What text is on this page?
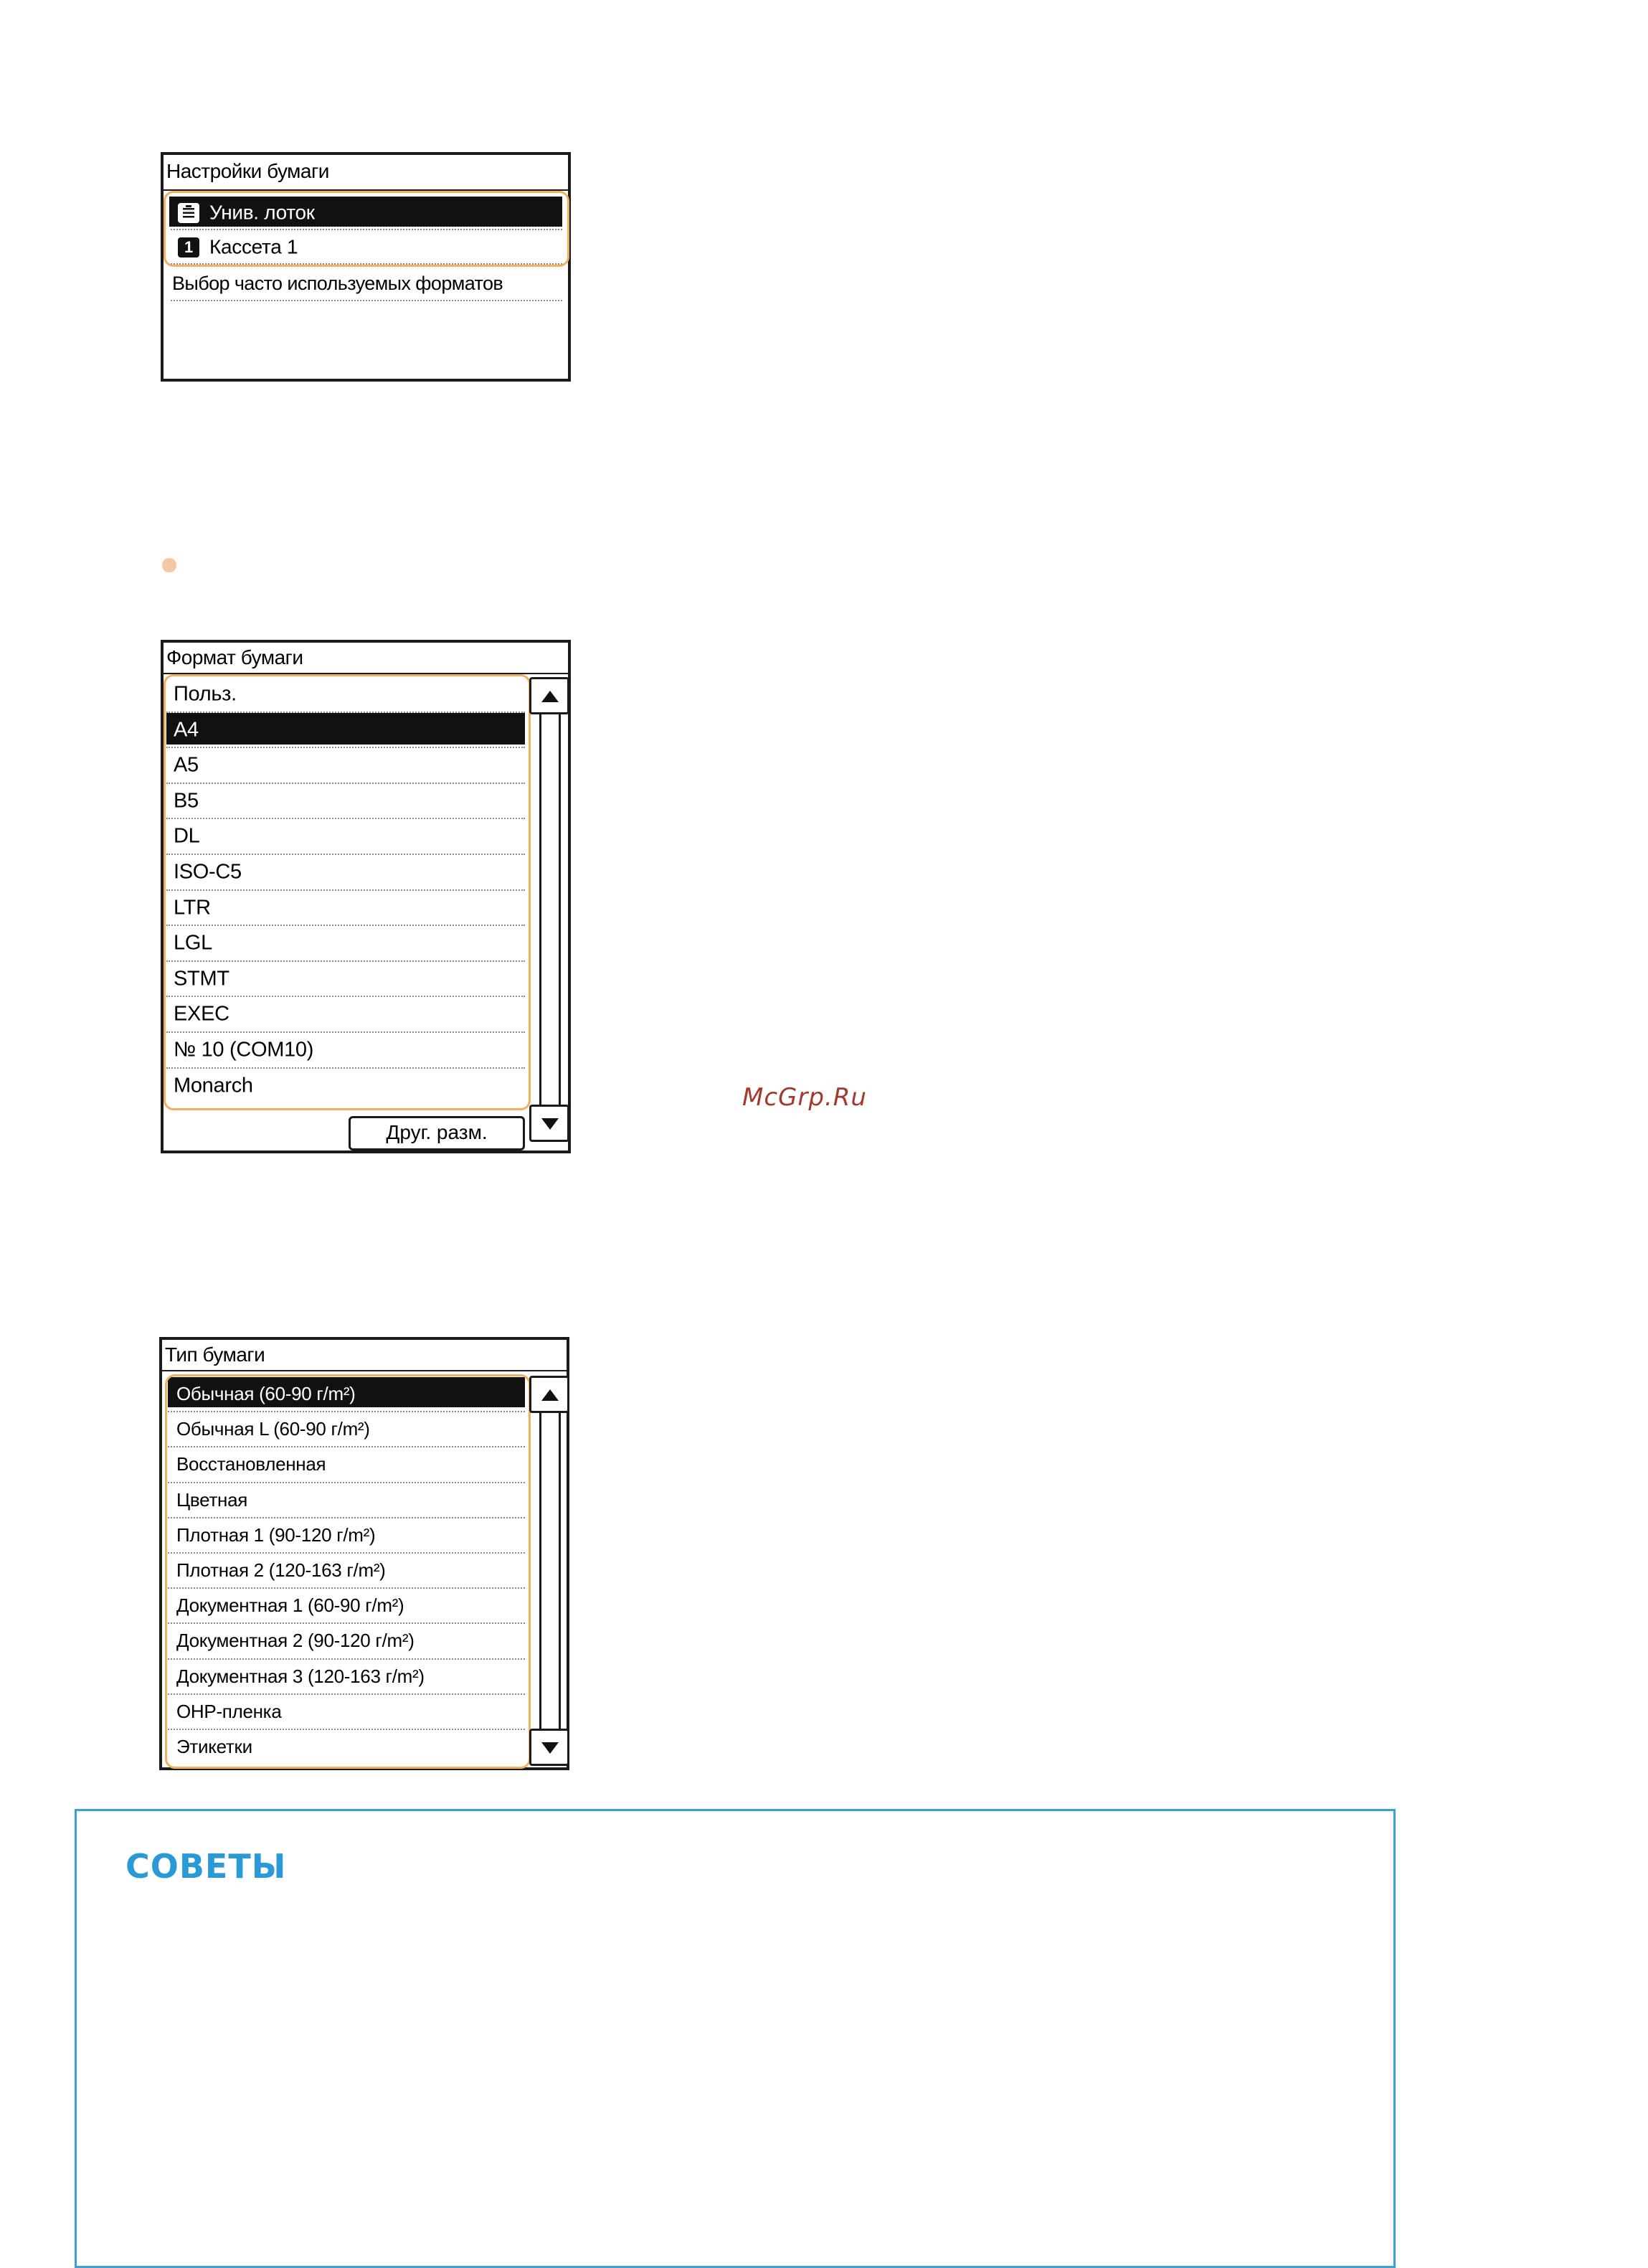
Настройки бумаги
Унив. лоток
1 Кассета 1
Выбор часто используемых форматов
Формат бумаги
Польз.
A4
A5
B5
DL
ISO-C5
LTR
LGL
STMT
EXEC
№ 10 (COM10)
Monarch
Друг. разм.
McGrp.Ru
Тип бумаги
Обычная (60-90 г/m²)
Обычная L (60-90 г/m²)
Восстановленная
Цветная
Плотная 1 (90-120 г/m²)
Плотная 2 (120-163 г/m²)
Документная 1 (60-90 г/m²)
Документная 2 (90-120 г/m²)
Документная 3 (120-163 г/m²)
OHP-пленка
Этикетки
СОВЕТЫ
